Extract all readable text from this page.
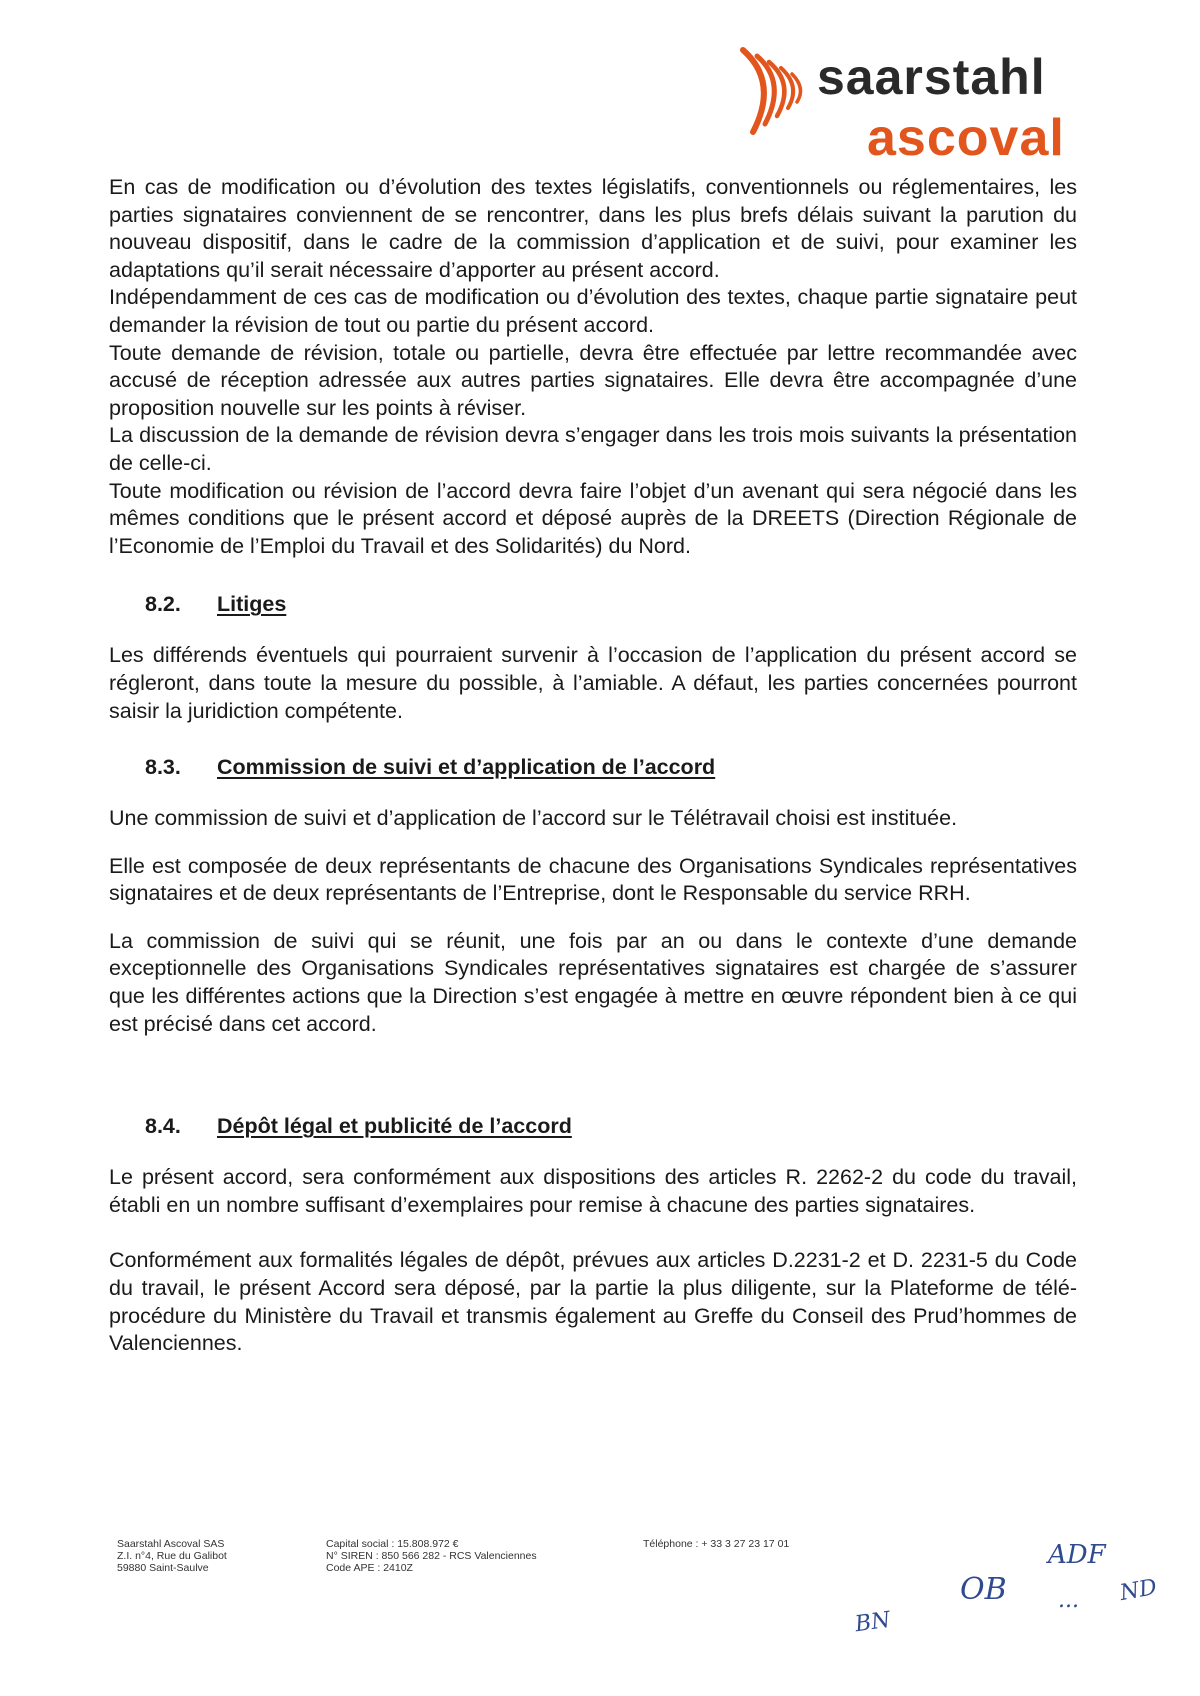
saarstahl
ascoval

En cas de modification ou d’évolution des textes législatifs, conventionnels ou réglementaires, les parties signataires conviennent de se rencontrer, dans les plus brefs délais suivant la parution du nouveau dispositif, dans le cadre de la commission d’application et de suivi, pour examiner les adaptations qu’il serait nécessaire d’apporter au présent accord.

Indépendamment de ces cas de modification ou d’évolution des textes, chaque partie signataire peut demander la révision de tout ou partie du présent accord.

Toute demande de révision, totale ou partielle, devra être effectuée par lettre recommandée avec accusé de réception adressée aux autres parties signataires. Elle devra être accompagnée d’une proposition nouvelle sur les points à réviser.

La discussion de la demande de révision devra s’engager dans les trois mois suivants la présentation de celle-ci.

Toute modification ou révision de l’accord devra faire l’objet d’un avenant qui sera négocié dans les mêmes conditions que le présent accord et déposé auprès de la DREETS (Direction Régionale de l’Economie de l’Emploi du Travail et des Solidarités) du Nord.

8.2.	Litiges

Les différends éventuels qui pourraient survenir à l’occasion de l’application du présent accord se régleront, dans toute la mesure du possible, à l’amiable. A défaut, les parties concernées pourront saisir la juridiction compétente.

8.3.	Commission de suivi et d’application de l’accord

Une commission de suivi et d’application de l’accord sur le Télétravail choisi est instituée.

Elle est composée de deux représentants de chacune des Organisations Syndicales représentatives signataires et de deux représentants de l’Entreprise, dont le Responsable du service RRH.

La commission de suivi qui se réunit, une fois par an ou dans le contexte d’une demande exceptionnelle des Organisations Syndicales représentatives signataires est chargée de s’assurer que les différentes actions que la Direction s’est engagée à mettre en œuvre répondent bien à ce qui est précisé dans cet accord.

8.4.	Dépôt légal et publicité de l’accord

Le présent accord, sera conformément aux dispositions des articles R. 2262-2 du code du travail, établi en un nombre suffisant d’exemplaires pour remise à chacune des parties signataires.

Conformément aux formalités légales de dépôt, prévues aux articles D.2231-2 et D. 2231-5 du Code du travail, le présent Accord sera déposé, par la partie la plus diligente, sur la Plateforme de télé-procédure du Ministère du Travail et transmis également au Greffe du Conseil des Prud’hommes de Valenciennes.

Saarstahl Ascoval SAS
Z.I. n°4, Rue du Galibot
59880 Saint-Saulve
Capital social : 15.808.972 €
N° SIREN : 850 566 282 - RCS Valenciennes
Code APE : 2410Z
Téléphone : + 33 3 27 23 17 01
BN
OB
ADF
... ND
